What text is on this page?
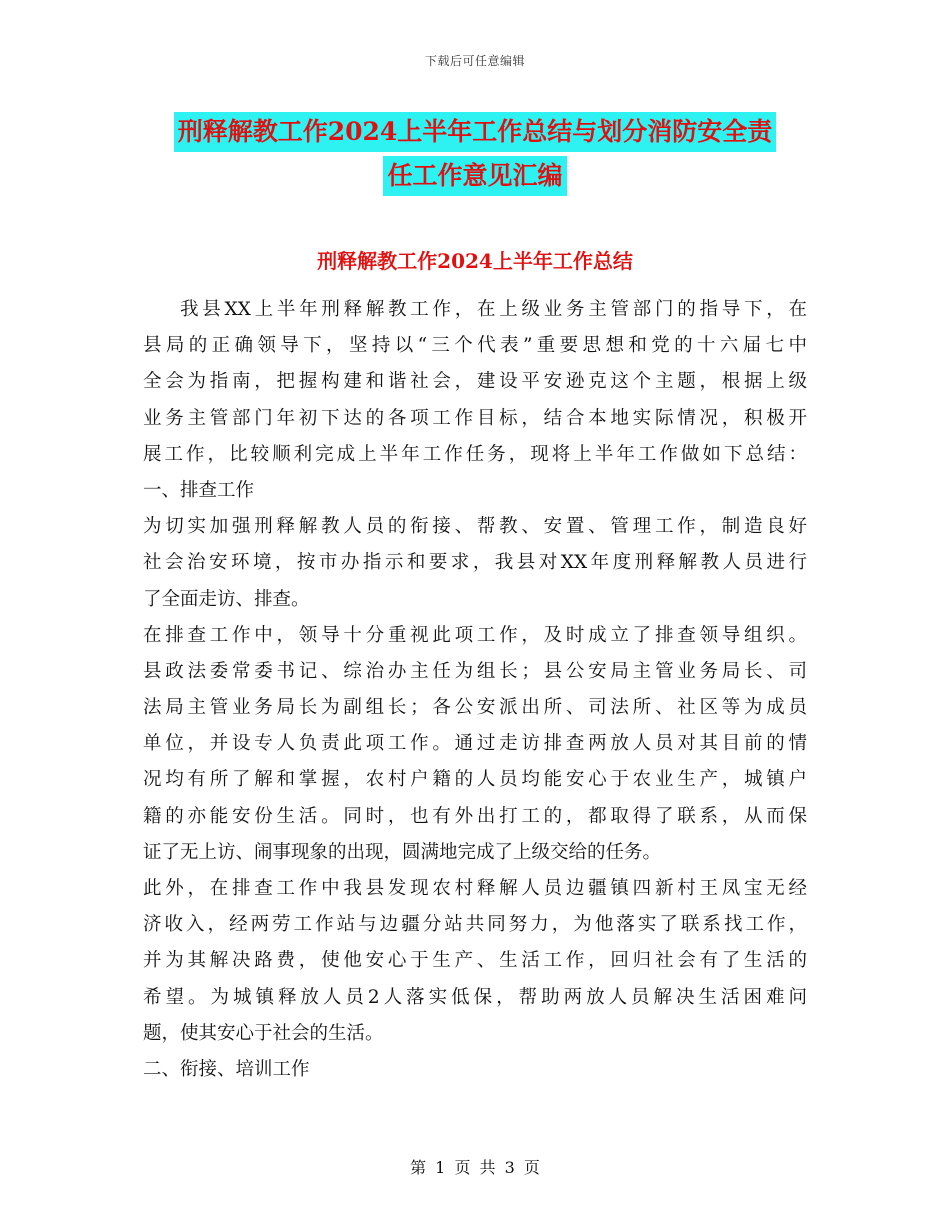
下载后可任意编辑
刑释解教工作2024上半年工作总结与划分消防安全责
任工作意见汇编
刑释解教工作2024上半年工作总结
我县XX上半年刑释解教工作，在上级业务主管部门的指导下，在
县局的正确领导下，坚持以“三个代表”重要思想和党的十六届七中
全会为指南，把握构建和谐社会，建设平安逊克这个主题，根据上级
业务主管部门年初下达的各项工作目标，结合本地实际情况，积极开
展工作，比较顺利完成上半年工作任务，现将上半年工作做如下总结：
一、排查工作
为切实加强刑释解教人员的衔接、帮教、安置、管理工作，制造良好
社会治安环境，按市办指示和要求，我县对XX年度刑释解教人员进行
了全面走访、排查。
在排查工作中，领导十分重视此项工作，及时成立了排查领导组织。
县政法委常委书记、综治办主任为组长；县公安局主管业务局长、司
法局主管业务局长为副组长；各公安派出所、司法所、社区等为成员
单位，并设专人负责此项工作。通过走访排查两放人员对其目前的情
况均有所了解和掌握，农村户籍的人员均能安心于农业生产，城镇户
籍的亦能安份生活。同时，也有外出打工的，都取得了联系，从而保
证了无上访、闹事现象的出现，圆满地完成了上级交给的任务。
此外，在排查工作中我县发现农村释解人员边疆镇四新村王凤宝无经
济收入，经两劳工作站与边疆分站共同努力，为他落实了联系找工作，
并为其解决路费，使他安心于生产、生活工作，回归社会有了生活的
希望。为城镇释放人员2人落实低保，帮助两放人员解决生活困难问
题，使其安心于社会的生活。
二、衔接、培训工作
第 1 页 共 3 页
